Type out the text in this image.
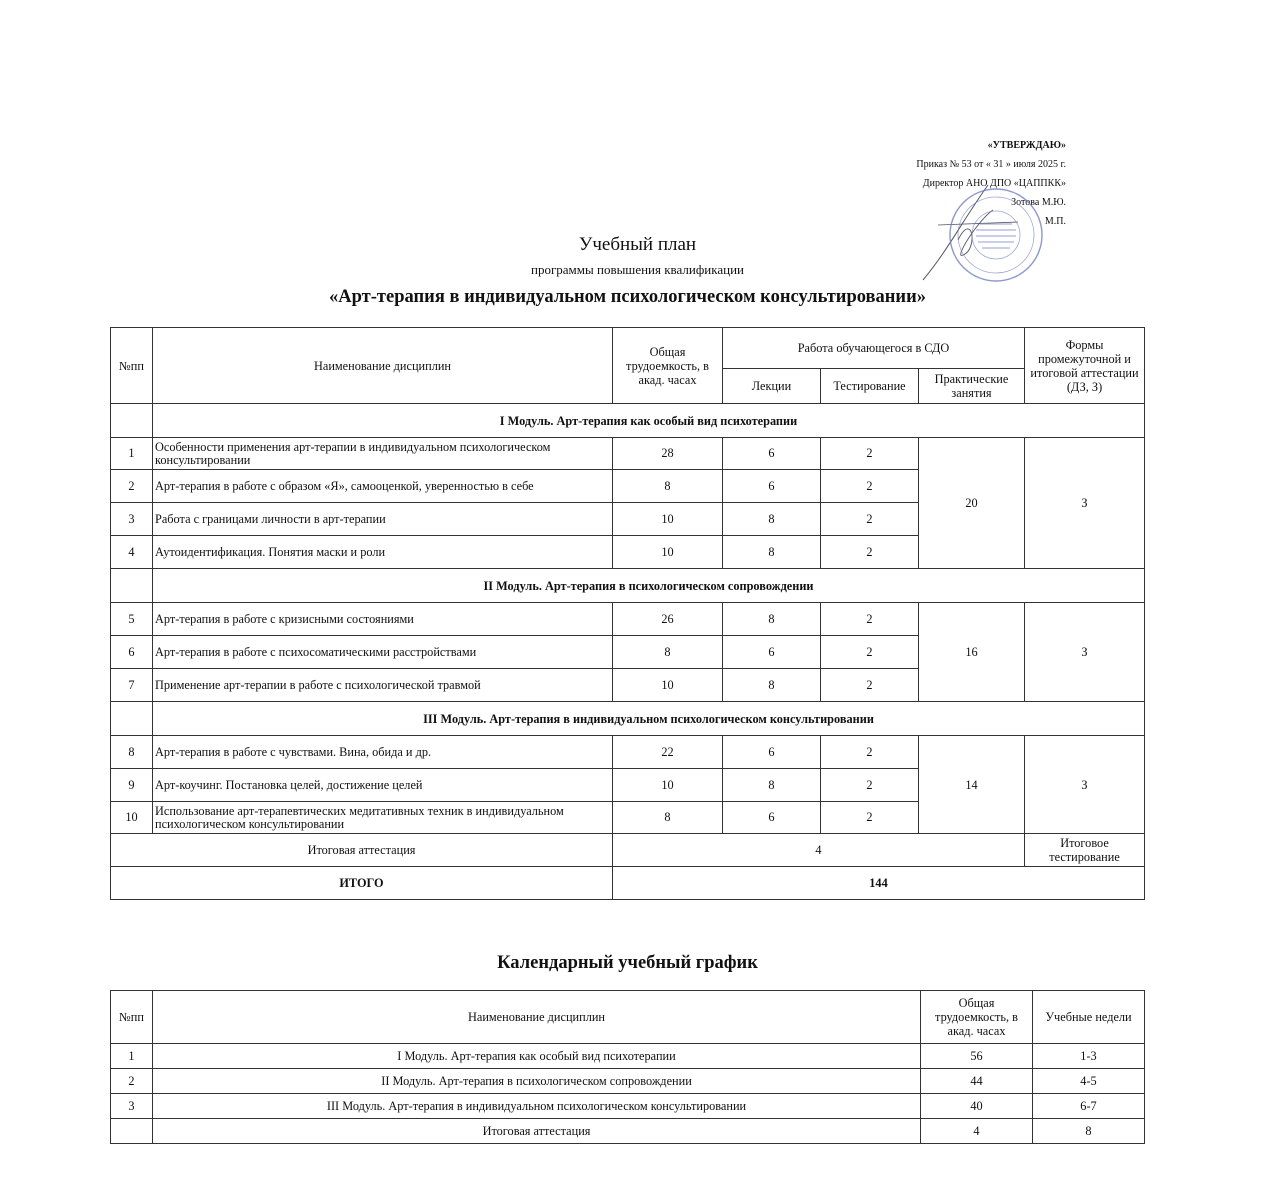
«УТВЕРЖДАЮ»
Приказ № 53 от « 31 » июля 2025 г.
Директор АНО ДПО «ЦАППКК»
Зотова М.Ю.
М.П.
Учебный план
программы повышения квалификации
«Арт-терапия в индивидуальном психологическом консультировании»
№пп	Наименование дисциплин	Общая трудоемкость, в акад. часах	Работа обучающегося в СДО			Формы промежуточной и итоговой аттестации (ДЗ, З)
			Лекции	Тестирование	Практические занятия	
	I Модуль. Арт-терапия как особый вид психотерапии					
1	Особенности применения арт-терапии в индивидуальном психологическом консультировании	28	6	2	20	З
2	Арт-терапия в работе с образом «Я», самооценкой, уверенностью в себе	8	6	2		
3	Работа с границами личности в арт-терапии	10	8	2		
4	Аутоидентификация. Понятия маски и роли	10	8	2		
	II Модуль. Арт-терапия в психологическом сопровождении					
5	Арт-терапия в работе с кризисными состояниями	26	8	2	16	З
6	Арт-терапия в работе с психосоматическими расстройствами	8	6	2		
7	Применение арт-терапии в работе с психологической травмой	10	8	2		
	III Модуль. Арт-терапия в индивидуальном психологическом консультировании					
8	Арт-терапия в работе с чувствами. Вина, обида и др.	22	6	2	14	З
9	Арт-коучинг. Постановка целей, достижение целей	10	8	2		
10	Использование арт-терапевтических медитативных техник в индивидуальном психологическом консультировании	8	6	2		
Итоговая аттестация		4				Итоговое тестирование
ИТОГО		144				
Календарный учебный график
№пп	Наименование дисциплин	Общая трудоемкость, в акад. часах	Учебные недели
1	I Модуль. Арт-терапия как особый вид психотерапии	56	1-3
2	II Модуль. Арт-терапия в психологическом сопровождении	44	4-5
3	III Модуль. Арт-терапия в индивидуальном психологическом консультировании	40	6-7
	Итоговая аттестация	4	8
